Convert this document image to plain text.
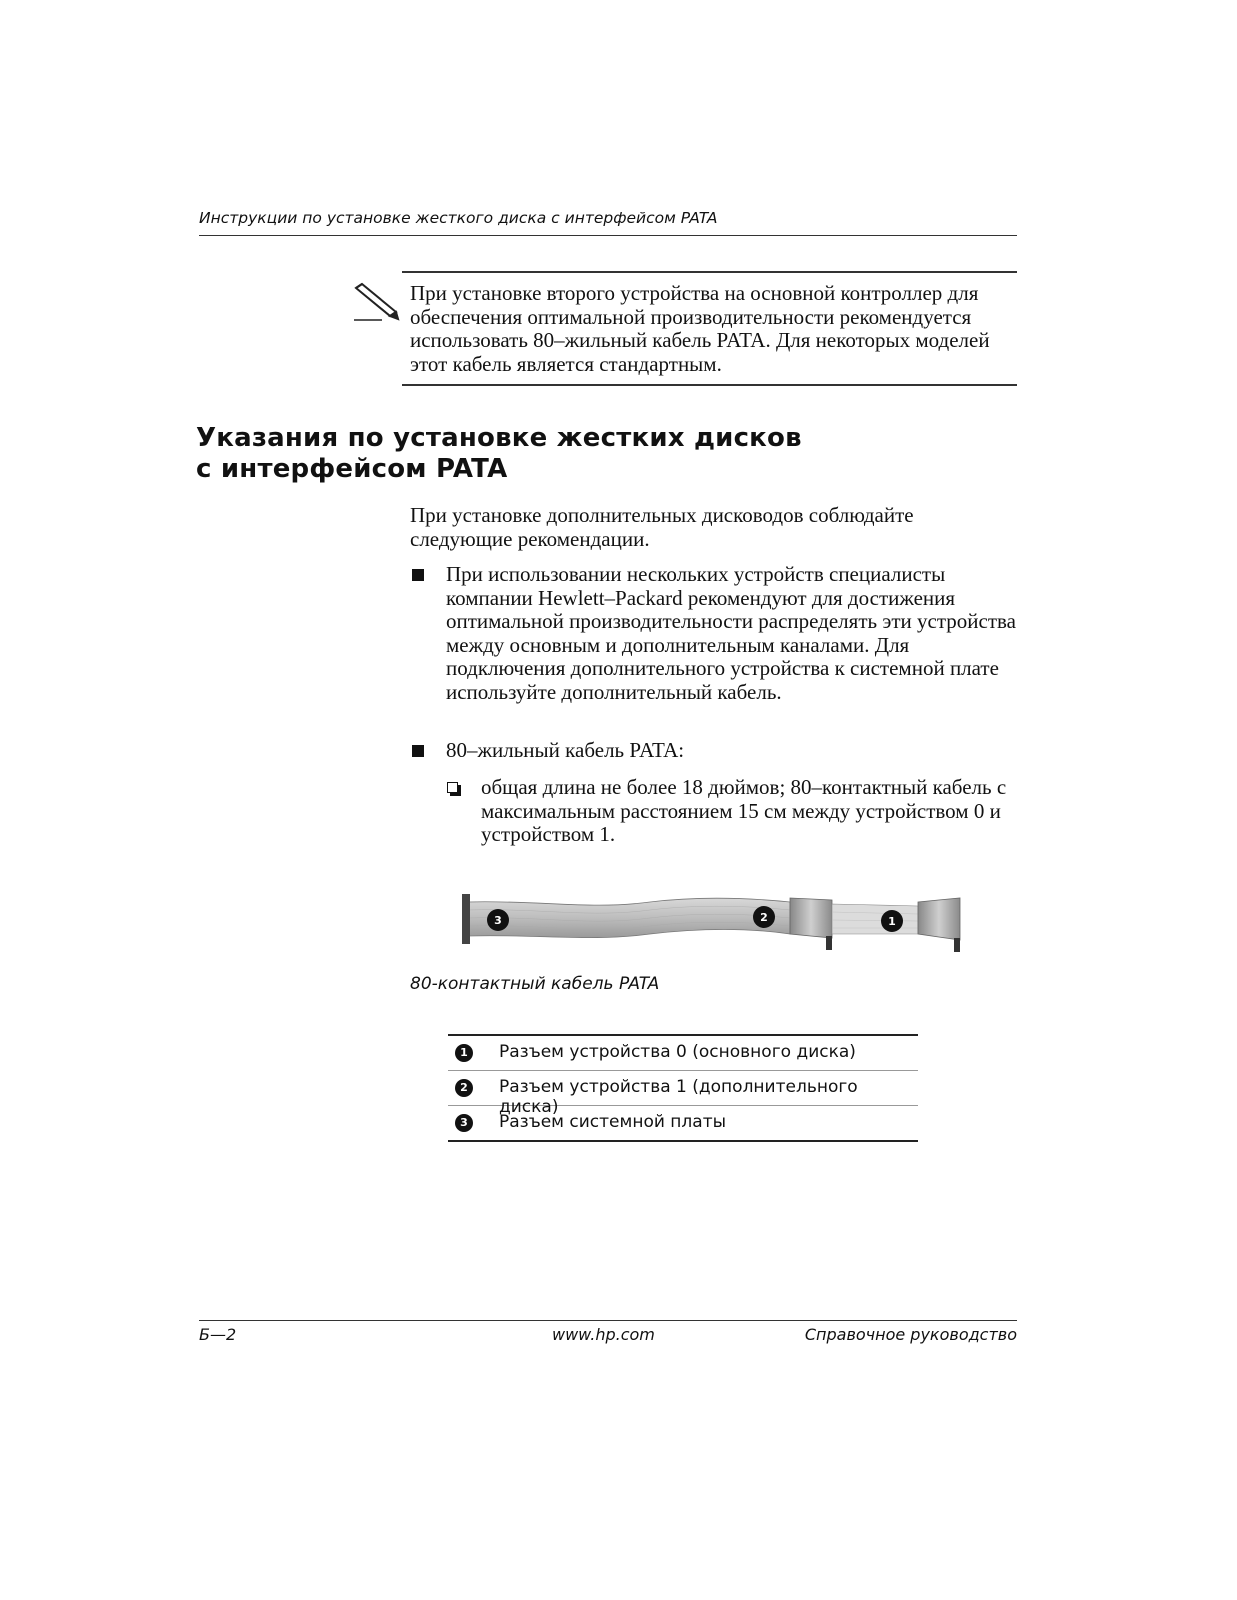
Инструкции по установке жесткого диска с интерфейсом PATA
При установке второго устройства на основной контроллер для обеспечения оптимальной производительности рекомендуется использовать 80–жильный кабель PATA. Для некоторых моделей этот кабель является стандартным.
Указания по установке жестких дисков
с интерфейсом PATA
При установке дополнительных дисководов соблюдайте следующие рекомендации.
При использовании нескольких устройств специалисты компании Hewlett–Packard рекомендуют для достижения оптимальной производительности распределять эти устройства между основным и дополнительным каналами. Для подключения дополнительного устройства к системной плате используйте дополнительный кабель.
80–жильный кабель PATA:
общая длина не более 18 дюймов; 80–контактный кабель с максимальным расстоянием 15 см между устройством 0 и устройством 1.
3	2	1
80-контактный кабель PATA
1	Разъем устройства 0 (основного диска)
2	Разъем устройства 1 (дополнительного диска)
3	Разъем системной платы
Б—2	www.hp.com	Справочное руководство
